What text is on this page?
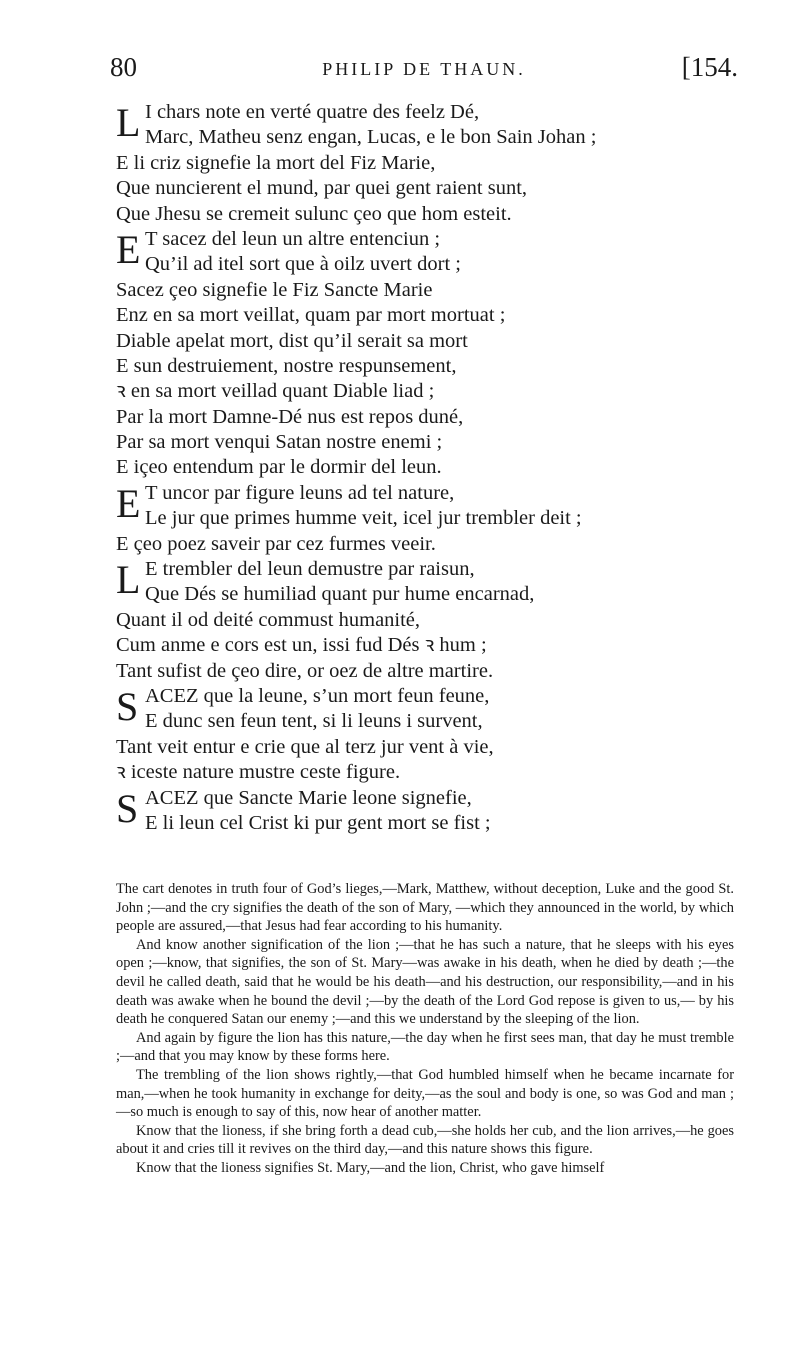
80	PHILIP DE THAUN.	[154.
L I chars note en verté quatre des feelz Dé,
Marc, Matheu senz engan, Lucas, e le bon Sain Johan ;
E li criz signefie la mort del Fiz Marie,
Que nuncierent el mund, par quei gent raient sunt,
Que Jhesu se cremeit sulunc çeo que hom esteit.
E T sacez del leun un altre entenciun ;
Qu’il ad itel sort que à oilz uvert dort ;
Sacez çeo signefie le Fiz Sancte Marie
Enz en sa mort veillat, quam par mort mortuat ;
Diable apelat mort, dist qu’il serait sa mort
E sun destruiement, nostre respunsement,
ꝛ en sa mort veillad quant Diable liad ;
Par la mort Damne-Dé nus est repos duné,
Par sa mort venqui Satan nostre enemi ;
E içeo entendum par le dormir del leun.
E T uncor par figure leuns ad tel nature,
Le jur que primes humme veit, icel jur trembler deit ;
E çeo poez saveir par cez furmes veeir.
L E trembler del leun demustre par raisun,
Que Dés se humiliad quant pur hume encarnad,
Quant il od deité commust humanité,
Cum anme e cors est un, issi fud Dés ꝛ hum ;
Tant sufist de çeo dire, or oez de altre martire.
S ACEZ que la leune, s’un mort feun feune,
E dunc sen feun tent, si li leuns i survent,
Tant veit entur e crie que al terz jur vent à vie,
ꝛ iceste nature mustre ceste figure.
S ACEZ que Sancte Marie leone signefie,
E li leun cel Crist ki pur gent mort se fist ;

The cart denotes in truth four of God’s lieges,—Mark, Matthew, without deception, Luke and the good St. John ;—and the cry signifies the death of the son of Mary, —which they announced in the world, by which people are assured,—that Jesus had fear according to his humanity.

And know another signification of the lion ;—that he has such a nature, that he sleeps with his eyes open ;—know, that signifies, the son of St. Mary—was awake in his death, when he died by death ;—the devil he called death, said that he would be his death—and his destruction, our responsibility,—and in his death was awake when he bound the devil ;—by the death of the Lord God repose is given to us,— by his death he conquered Satan our enemy ;—and this we understand by the sleeping of the lion.

And again by figure the lion has this nature,—the day when he first sees man, that day he must tremble ;—and that you may know by these forms here.

The trembling of the lion shows rightly,—that God humbled himself when he became incarnate for man,—when he took humanity in exchange for deity,—as the soul and body is one, so was God and man ;—so much is enough to say of this, now hear of another matter.

Know that the lioness, if she bring forth a dead cub,—she holds her cub, and the lion arrives,—he goes about it and cries till it revives on the third day,—and this nature shows this figure.

Know that the lioness signifies St. Mary,—and the lion, Christ, who gave himself
